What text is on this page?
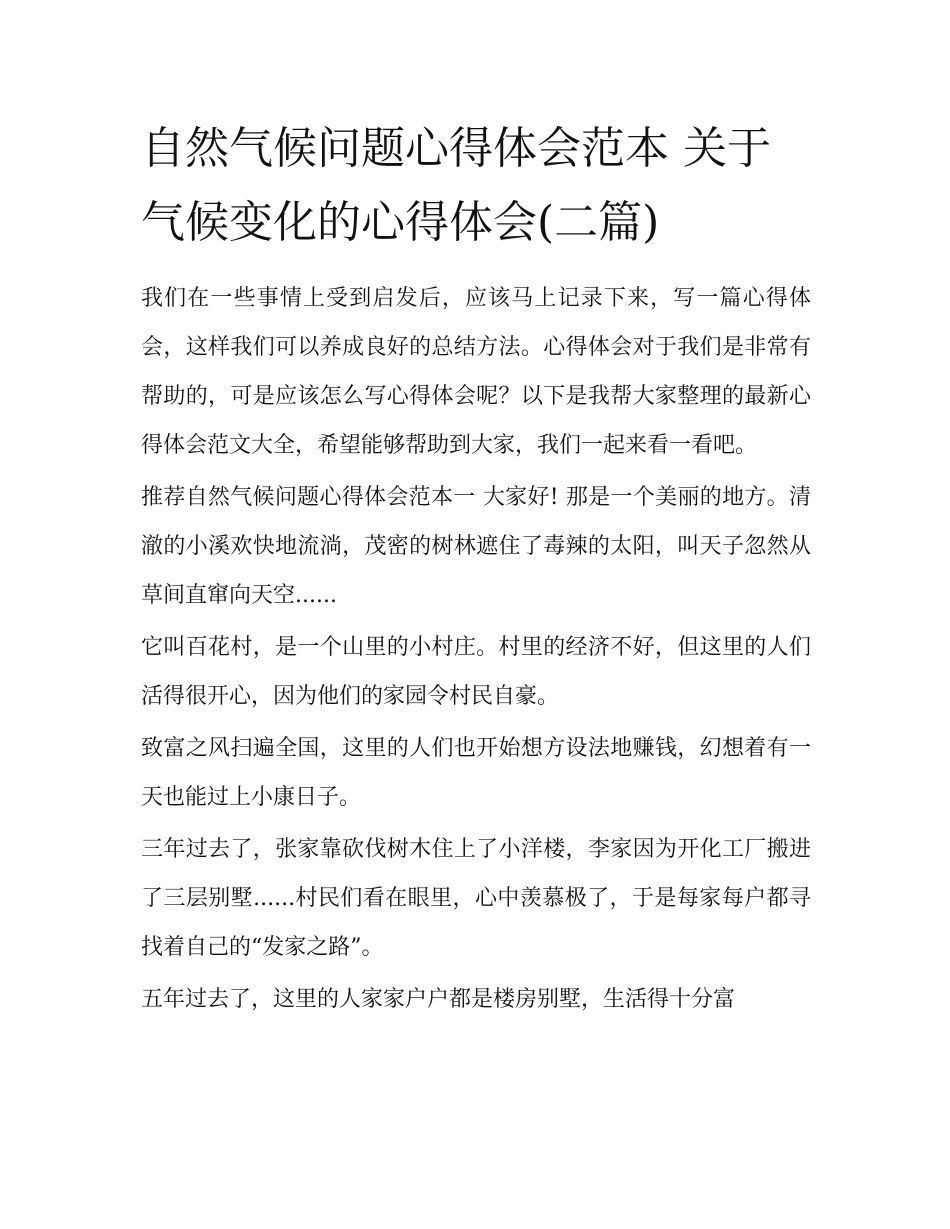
自然气候问题心得体会范本 关于气候变化的心得体会(二篇)

我们在一些事情上受到启发后，应该马上记录下来，写一篇心得体会，这样我们可以养成良好的总结方法。心得体会对于我们是非常有帮助的，可是应该怎么写心得体会呢？以下是我帮大家整理的最新心得体会范文大全，希望能够帮助到大家，我们一起来看一看吧。

推荐自然气候问题心得体会范本一 大家好! 那是一个美丽的地方。清澈的小溪欢快地流淌，茂密的树林遮住了毒辣的太阳，叫天子忽然从草间直窜向天空......

它叫百花村，是一个山里的小村庄。村里的经济不好，但这里的人们活得很开心，因为他们的家园令村民自豪。

致富之风扫遍全国，这里的人们也开始想方设法地赚钱，幻想着有一天也能过上小康日子。

三年过去了，张家靠砍伐树木住上了小洋楼，李家因为开化工厂搬进了三层别墅......村民们看在眼里，心中羡慕极了，于是每家每户都寻找着自己的“发家之路”。

五年过去了，这里的人家家户户都是楼房别墅，生活得十分富
